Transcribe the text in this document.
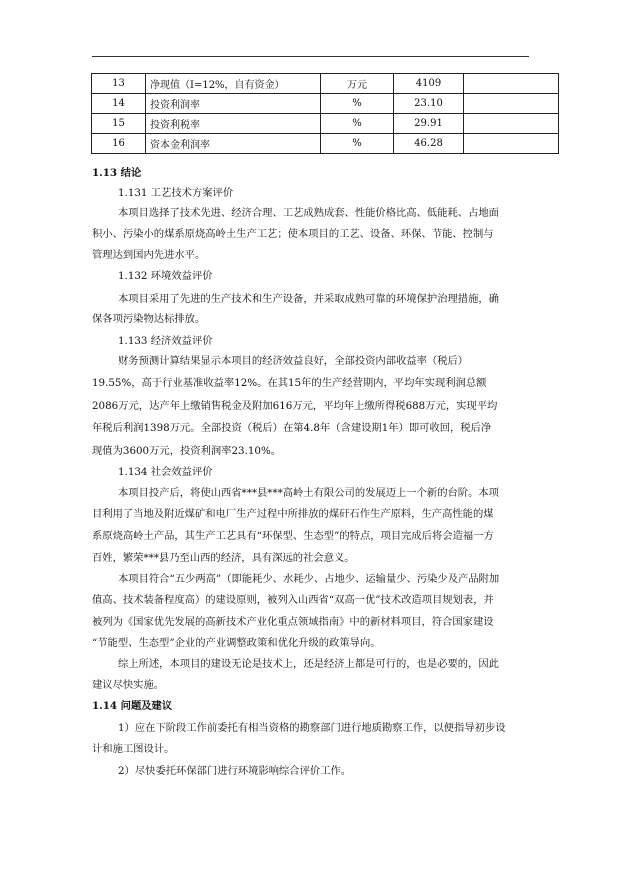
13	净现值（I=12%，自有资金）	万元	4109	
14	投资利润率	%	23.10	
15	投资利税率	%	29.91	
16	资本金利润率	%	46.28	
1.13 结论
1.131 工艺技术方案评价
本项目选择了技术先进、经济合理、工艺成熟成套、性能价格比高、低能耗、占地面
积小、污染小的煤系原烧高岭土生产工艺；使本项目的工艺、设备、环保、节能、控制与
管理达到国内先进水平。
1.132 环境效益评价
本项目采用了先进的生产技术和生产设备，并采取成熟可靠的环境保护治理措施，确
保各项污染物达标排放。
1.133 经济效益评价
财务预测计算结果显示本项目的经济效益良好，全部投资内部收益率（税后）
19.55%，高于行业基准收益率12%。在其15年的生产经营期内，平均年实现利润总额
2086万元，达产年上缴销售税金及附加616万元，平均年上缴所得税688万元，实现平均
年税后利润1398万元。全部投资（税后）在第4.8年（含建设期1年）即可收回，税后净
现值为3600万元，投资利润率23.10%。
1.134 社会效益评价
本项目投产后，将使山西省***县***高岭土有限公司的发展迈上一个新的台阶。本项
目利用了当地及附近煤矿和电厂生产过程中所排放的煤矸石作生产原料，生产高性能的煤
系原烧高岭土产品，其生产工艺具有“环保型、生态型”的特点，项目完成后将会造福一方
百姓，繁荣***县乃至山西的经济，具有深远的社会意义。
本项目符合“五少两高”（即能耗少、水耗少、占地少、运输量少、污染少及产品附加
值高、技术装备程度高）的建设原则，被列入山西省“双高一优”技术改造项目规划表，并
被列为《国家优先发展的高新技术产业化重点领域指南》中的新材料项目，符合国家建设
“节能型、生态型”企业的产业调整政策和优化升级的政策导向。
综上所述，本项目的建设无论是技术上，还是经济上都是可行的，也是必要的，因此
建议尽快实施。
1.14 问题及建议
1）应在下阶段工作前委托有相当资格的勘察部门进行地质勘察工作，以便指导初步设
计和施工图设计。
2）尽快委托环保部门进行环境影响综合评价工作。
